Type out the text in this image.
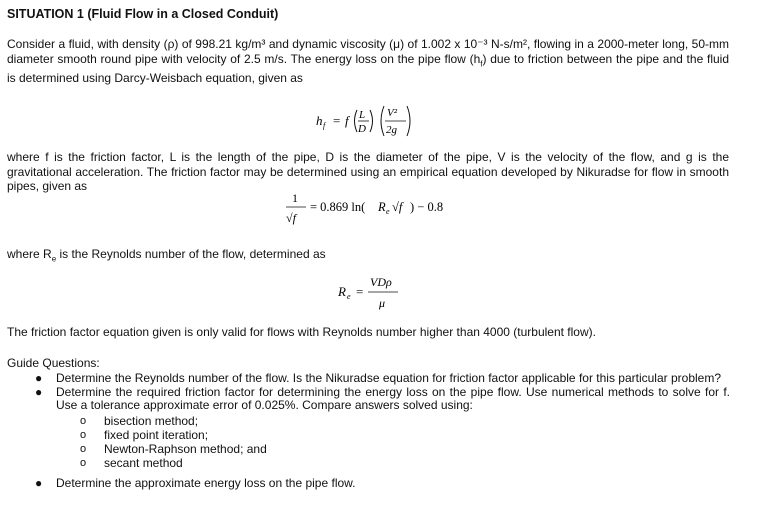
SITUATION 1 (Fluid Flow in a Closed Conduit)
Consider a fluid, with density (ρ) of 998.21 kg/m³ and dynamic viscosity (μ) of 1.002 x 10⁻³ N-s/m², flowing in a 2000-meter long, 50-mm diameter smooth round pipe with velocity of 2.5 m/s. The energy loss on the pipe flow $(h_f)$ due to friction between the pipe and the fluid is determined using Darcy-Weisbach equation, given as
h f = f L
D
V²
2g
where f is the friction factor, L is the length of the pipe, D is the diameter of the pipe, V is the velocity of the flow, and g is the gravitational acceleration. The friction factor may be determined using an empirical equation developed by Nikuradse for flow in smooth pipes, given as
1
√f
= 0.869 ln( R e √f ) − 0.8
where $R_e$ is the Reynolds number of the flow, determined as
R e =
VDρ
μ
The friction factor equation given is only valid for flows with Reynolds number higher than 4000 (turbulent flow).
Guide Questions:
● Determine the Reynolds number of the flow. Is the Nikuradse equation for friction factor applicable for this particular problem?
● Determine the required friction factor for determining the energy loss on the pipe flow. Use numerical methods to solve for f. Use a tolerance approximate error of 0.025%. Compare answers solved using:
o bisection method;
o fixed point iteration;
o Newton-Raphson method; and
o secant method
● Determine the approximate energy loss on the pipe flow.
